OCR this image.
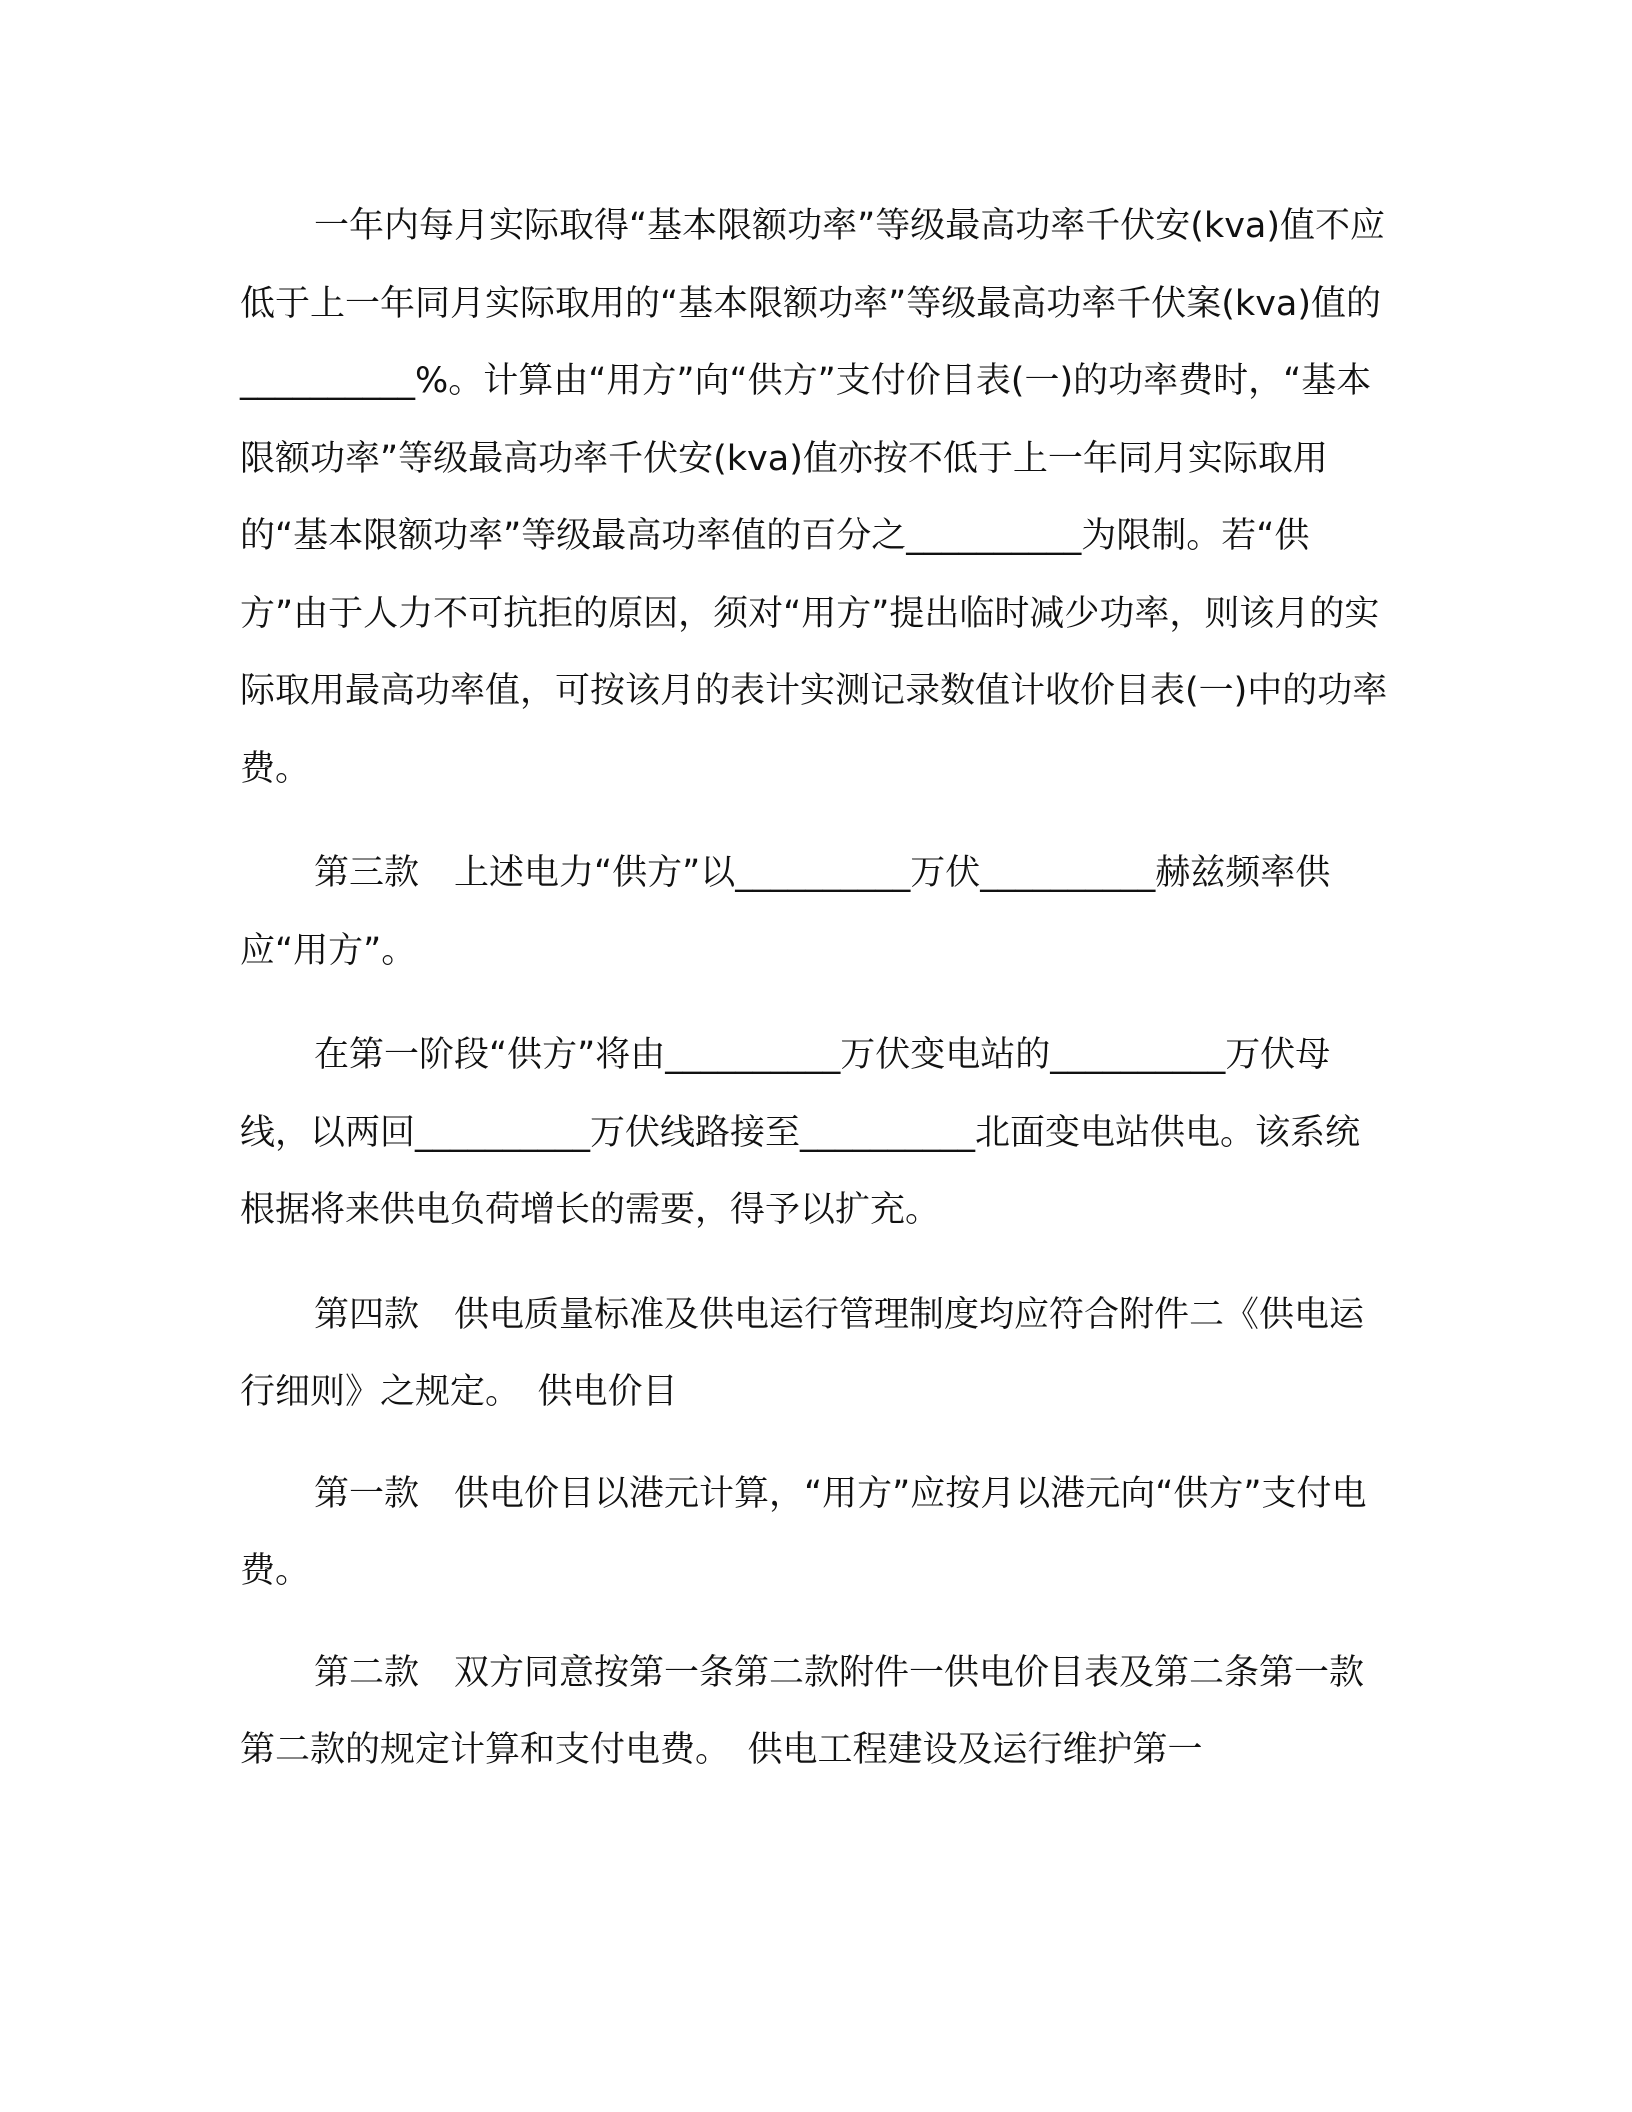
一年内每月实际取得“基本限额功率”等级最高功率千伏安(kva)值不应低于上一年同月实际取用的“基本限额功率”等级最高功率千伏案(kva)值的__________%。计算由“用方”向“供方”支付价目表(一)的功率费时，“基本限额功率”等级最高功率千伏安(kva)值亦按不低于上一年同月实际取用的“基本限额功率”等级最高功率值的百分之__________为限制。若“供方”由于人力不可抗拒的原因，须对“用方”提出临时减少功率，则该月的实际取用最高功率值，可按该月的表计实测记录数值计收价目表(一)中的功率费。

第三款　上述电力“供方”以__________万伏__________赫兹频率供应“用方”。

在第一阶段“供方”将由__________万伏变电站的__________万伏母线，以两回__________万伏线路接至__________北面变电站供电。该系统根据将来供电负荷增长的需要，得予以扩充。

第四款　供电质量标准及供电运行管理制度均应符合附件二《供电运行细则》之规定。　供电价目

第一款　供电价目以港元计算，“用方”应按月以港元向“供方”支付电费。

第二款　双方同意按第一条第二款附件一供电价目表及第二条第一款第二款的规定计算和支付电费。　供电工程建设及运行维护第一
